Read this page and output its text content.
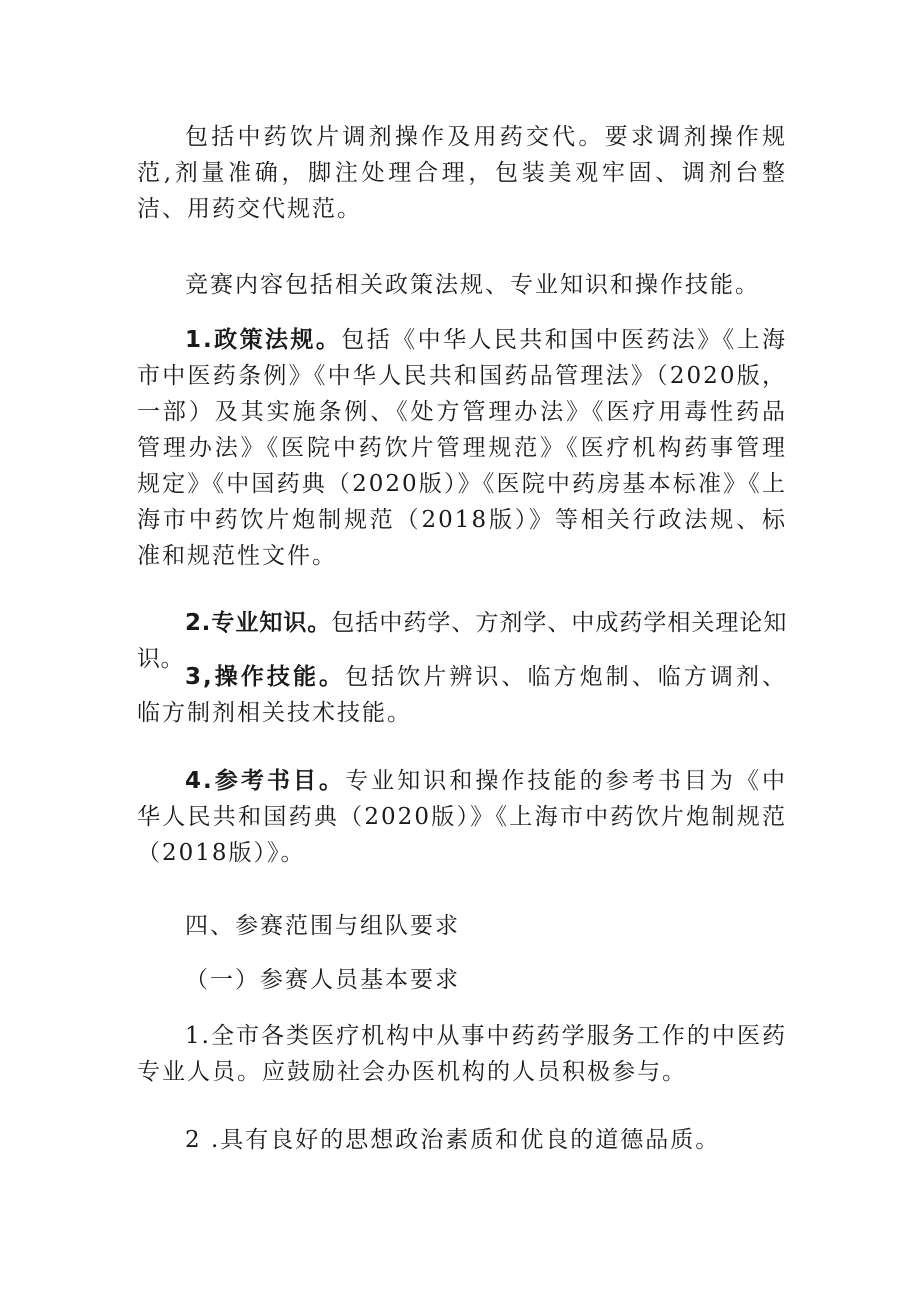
包括中药饮片调剂操作及用药交代。要求调剂操作规范,剂量准确，脚注处理合理，包装美观牢固、调剂台整洁、用药交代规范。

竞赛内容包括相关政策法规、专业知识和操作技能。

1.政策法规。包括《中华人民共和国中医药法》《上海市中医药条例》《中华人民共和国药品管理法》（2020版，一部）及其实施条例、《处方管理办法》《医疗用毒性药品管理办法》《医院中药饮片管理规范》《医疗机构药事管理规定》《中国药典（2020版）》《医院中药房基本标准》《上海市中药饮片炮制规范（2018版）》等相关行政法规、标准和规范性文件。

2.专业知识。包括中药学、方剂学、中成药学相关理论知识。

3,操作技能。包括饮片辨识、临方炮制、临方调剂、临方制剂相关技术技能。

4.参考书目。专业知识和操作技能的参考书目为《中华人民共和国药典（2020版）》《上海市中药饮片炮制规范（2018版）》。

四、参赛范围与组队要求

（一）参赛人员基本要求

1.全市各类医疗机构中从事中药药学服务工作的中医药专业人员。应鼓励社会办医机构的人员积极参与。

2 .具有良好的思想政治素质和优良的道德品质。
